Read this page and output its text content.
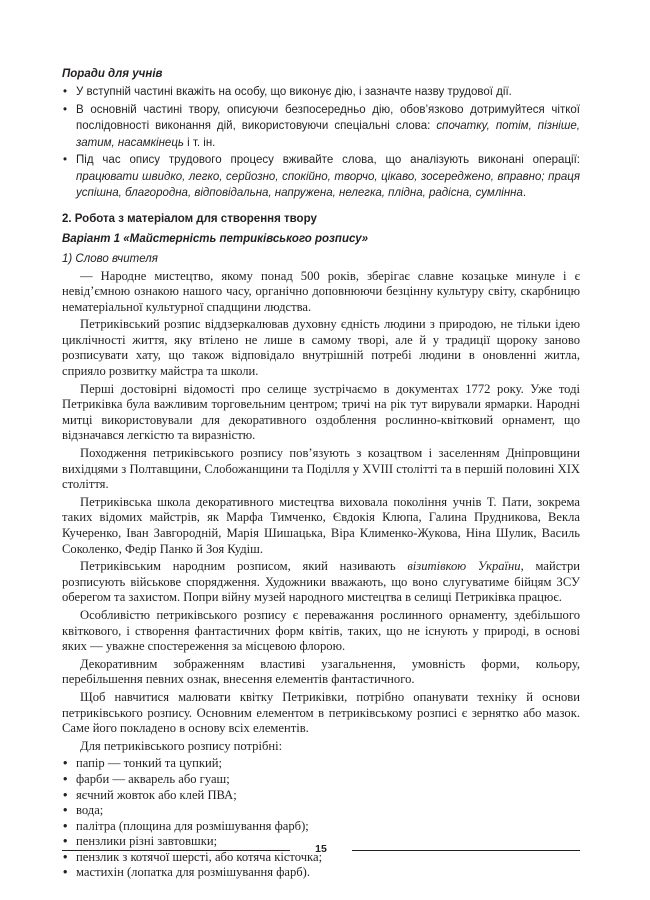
Поради для учнів
• У вступній частині вкажіть на особу, що виконує дію, і зазначте назву трудової дії.
• В основній частині твору, описуючи безпосередньо дію, обов’язково дотримуйтеся чіткої послідовності виконання дій, використовуючи спеціальні слова: спочатку, потім, пізніше, затим, насамкінець і т. ін.
• Під час опису трудового процесу вживайте слова, що аналізують виконані операції: працювати швидко, легко, серйозно, спокійно, творчо, цікаво, зосереджено, вправно; праця успішна, благородна, відповідальна, напружена, нелегка, плідна, радісна, сумлінна.
2. Робота з матеріалом для створення твору
Варіант 1 «Майстерність петриківського розпису»
1) Слово вчителя

— Народне мистецтво, якому понад 500 років, зберігає славне козацьке минуле і є невід’ємною ознакою нашого часу, органічно доповнюючи безцінну культуру світу, скарбницю нематеріальної культурної спадщини людства.

Петриківський розпис віддзеркалював духовну єдність людини з природою, не тільки ідею циклічності життя, яку втілено не лише в самому творі, але й у традиції щороку заново розписувати хату, що також відповідало внутрішній потребі людини в оновленні житла, сприяло розвитку майстра та школи.

Перші достовірні відомості про селище зустрічаємо в документах 1772 року. Уже тоді Петриківка була важливим торговельним центром; тричі на рік тут вирували ярмарки. Народні митці використовували для декоративного оздоблення рослинно-квітковий орнамент, що відзначався легкістю та виразністю.

Походження петриківського розпису пов’язують з козацтвом і заселенням Дніпровщини вихідцями з Полтавщини, Слобожанщини та Поділля у XVIII столітті та в першій половині XIX століття.

Петриківська школа декоративного мистецтва виховала покоління учнів Т. Пати, зокрема таких відомих майстрів, як Марфа Тимченко, Євдокія Клюпа, Галина Прудникова, Векла Кучеренко, Іван Завгородній, Марія Шишацька, Віра Клименко-Жукова, Ніна Шулик, Василь Соколенко, Федір Панко й Зоя Кудіш.

Петриківським народним розписом, який називають візитівкою України, майстри розписують військове спорядження. Художники вважають, що воно слугуватиме бійцям ЗСУ оберегом та захистом. Попри війну музей народного мистецтва в селищі Петриківка працює.

Особливістю петриківського розпису є переважання рослинного орнаменту, здебільшого квіткового, і створення фантастичних форм квітів, таких, що не існують у природі, в основі яких — уважне спостереження за місцевою флорою.

Декоративним зображенням властиві узагальнення, умовність форми, кольору, перебільшення певних ознак, внесення елементів фантастичного.

Щоб навчитися малювати квітку Петриківки, потрібно опанувати техніку й основи петриківського розпису. Основним елементом в петриківському розписі є зернятко або мазок. Саме його покладено в основу всіх елементів.

Для петриківського розпису потрібні:

• папір — тонкий та цупкий;
• фарби — акварель або гуаш;
• яєчний жовток або клей ПВА;
• вода;
• палітра (площина для розмішування фарб);
• пензлики різні завтовшки;
• пензлик з котячої шерсті, або котяча кісточка;
• мастихін (лопатка для розмішування фарб).
15
